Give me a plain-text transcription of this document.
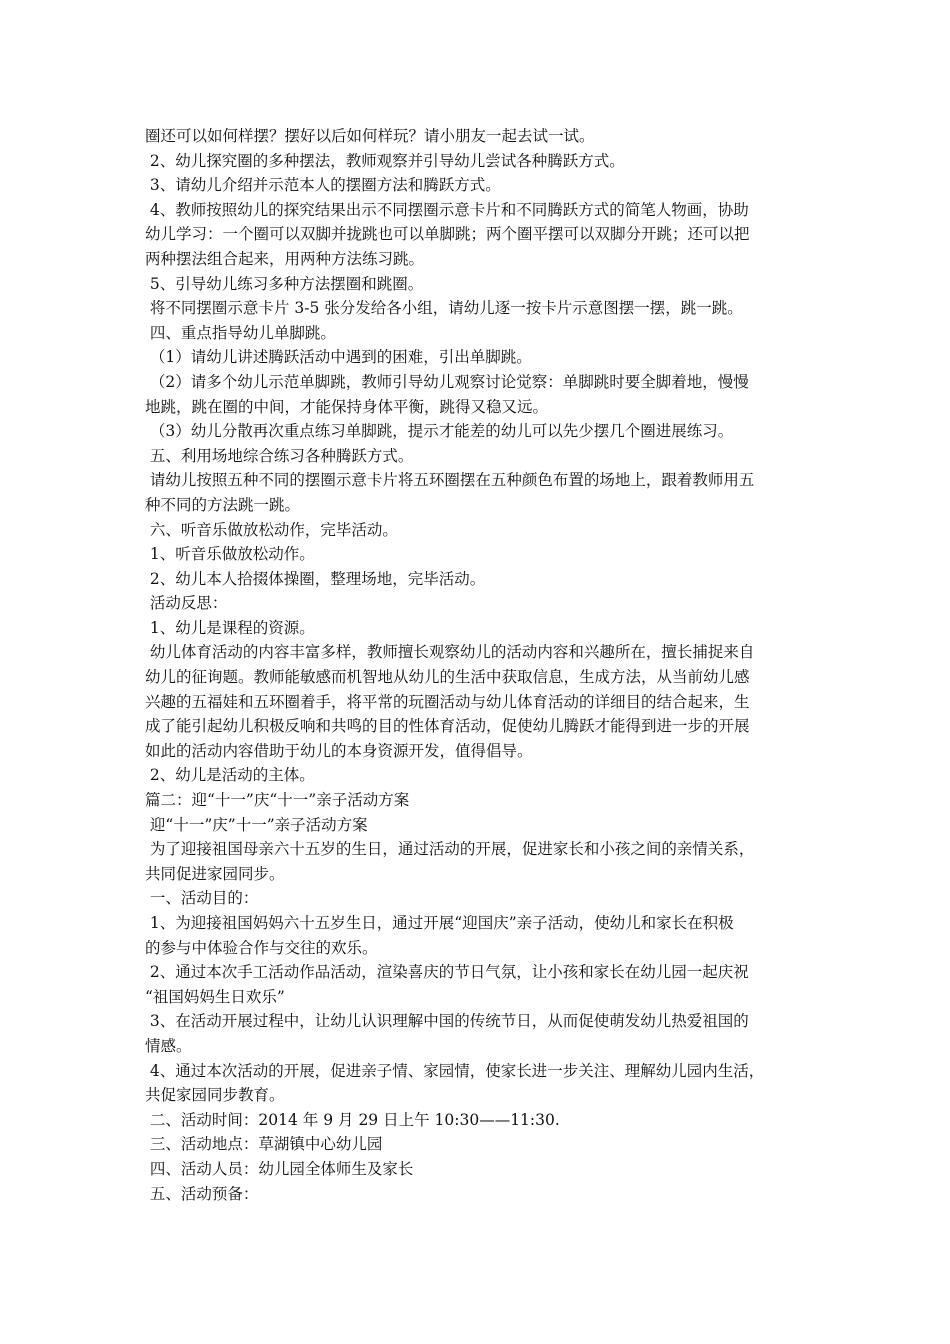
圈还可以如何样摆？摆好以后如何样玩？请小朋友一起去试一试。
2、幼儿探究圈的多种摆法，教师观察并引导幼儿尝试各种腾跃方式。
3、请幼儿介绍并示范本人的摆圈方法和腾跃方式。
4、教师按照幼儿的探究结果出示不同摆圈示意卡片和不同腾跃方式的简笔人物画，协助
幼儿学习：一个圈可以双脚并拢跳也可以单脚跳；两个圈平摆可以双脚分开跳；还可以把
两种摆法组合起来，用两种方法练习跳。
5、引导幼儿练习多种方法摆圈和跳圈。
将不同摆圈示意卡片 3-5 张分发给各小组，请幼儿逐一按卡片示意图摆一摆，跳一跳。
四、重点指导幼儿单脚跳。
（1）请幼儿讲述腾跃活动中遇到的困难，引出单脚跳。
（2）请多个幼儿示范单脚跳，教师引导幼儿观察讨论觉察：单脚跳时要全脚着地，慢慢
地跳，跳在圈的中间，才能保持身体平衡，跳得又稳又远。
（3）幼儿分散再次重点练习单脚跳，提示才能差的幼儿可以先少摆几个圈进展练习。
五、利用场地综合练习各种腾跃方式。
请幼儿按照五种不同的摆圈示意卡片将五环圈摆在五种颜色布置的场地上，跟着教师用五
种不同的方法跳一跳。
六、听音乐做放松动作，完毕活动。
1、听音乐做放松动作。
2、幼儿本人拾掇体操圈，整理场地，完毕活动。
活动反思：
1、幼儿是课程的资源。
幼儿体育活动的内容丰富多样，教师擅长观察幼儿的活动内容和兴趣所在，擅长捕捉来自
幼儿的征询题。教师能敏感而机智地从幼儿的生活中获取信息，生成方法，从当前幼儿感
兴趣的五福娃和五环圈着手，将平常的玩圈活动与幼儿体育活动的详细目的结合起来，生
成了能引起幼儿积极反响和共鸣的目的性体育活动，促使幼儿腾跃才能得到进一步的开展
如此的活动内容借助于幼儿的本身资源开发，值得倡导。
2、幼儿是活动的主体。
篇二：迎“十一”庆“十一”亲子活动方案
迎“十一”庆”十一”亲子活动方案
为了迎接祖国母亲六十五岁的生日，通过活动的开展，促进家长和小孩之间的亲情关系，
共同促进家园同步。
一、活动目的：
1、为迎接祖国妈妈六十五岁生日，通过开展“迎国庆”亲子活动，使幼儿和家长在积极
的参与中体验合作与交往的欢乐。
2、通过本次手工活动作品活动，渲染喜庆的节日气氛，让小孩和家长在幼儿园一起庆祝
“祖国妈妈生日欢乐”
3、在活动开展过程中，让幼儿认识理解中国的传统节日，从而促使萌发幼儿热爱祖国的
情感。
4、通过本次活动的开展，促进亲子情、家园情，使家长进一步关注、理解幼儿园内生活，
共促家园同步教育。
二、活动时间：2014 年 9 月 29 日上午 10:30——11:30.
三、活动地点：草湖镇中心幼儿园
四、活动人员：幼儿园全体师生及家长
五、活动预备：
